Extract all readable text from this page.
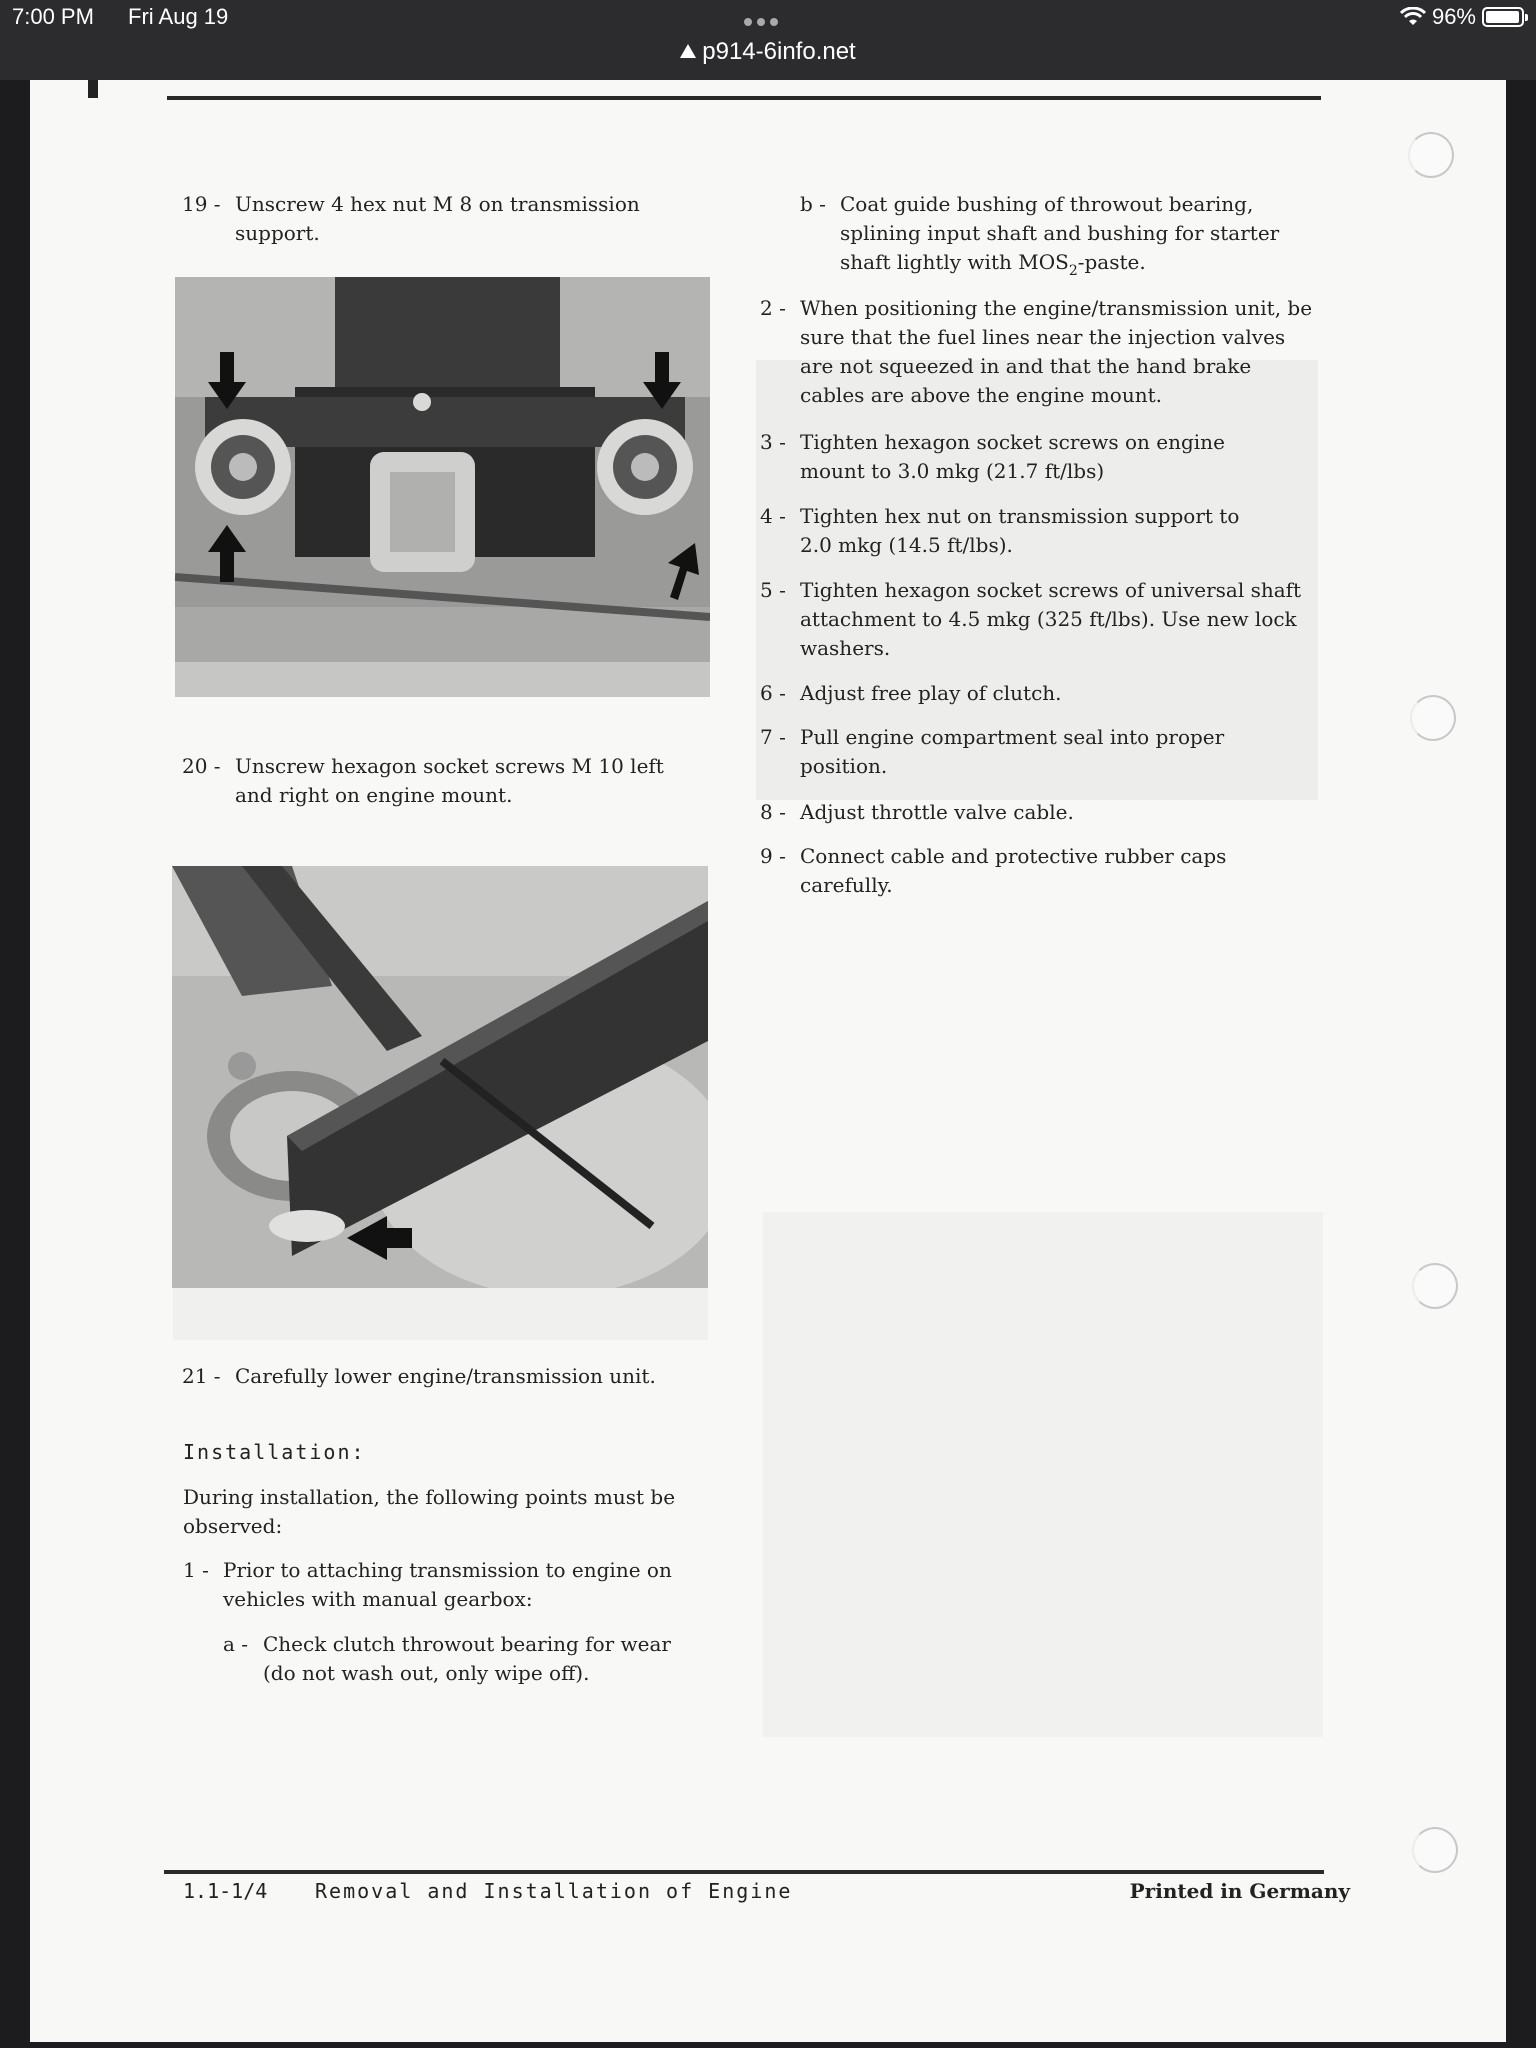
7:00 PM Fri Aug 19
p914-6info.net
96%
19 - Unscrew 4 hex nut M 8 on transmission support.
20 - Unscrew hexagon socket screws M 10 left and right on engine mount.
21 - Carefully lower engine/transmission unit.
Installation:
During installation, the following points must be observed:
1 - Prior to attaching transmission to engine on vehicles with manual gearbox:
a - Check clutch throwout bearing for wear (do not wash out, only wipe off).
b - Coat guide bushing of throwout bearing, splining input shaft and bushing for starter shaft lightly with $MOS_2$-paste.
2 - When positioning the engine/transmission unit, be sure that the fuel lines near the injection valves are not squeezed in and that the hand brake cables are above the engine mount.
3 - Tighten hexagon socket screws on engine mount to 3.0 mkg (21.7 ft/lbs)
4 - Tighten hex nut on transmission support to 2.0 mkg (14.5 ft/lbs).
5 - Tighten hexagon socket screws of universal shaft attachment to 4.5 mkg (325 ft/lbs). Use new lock washers.
6 - Adjust free play of clutch.
7 - Pull engine compartment seal into proper position.
8 - Adjust throttle valve cable.
9 - Connect cable and protective rubber caps carefully.
1.1-1/4 Removal and Installation of Engine	Printed in Germany
